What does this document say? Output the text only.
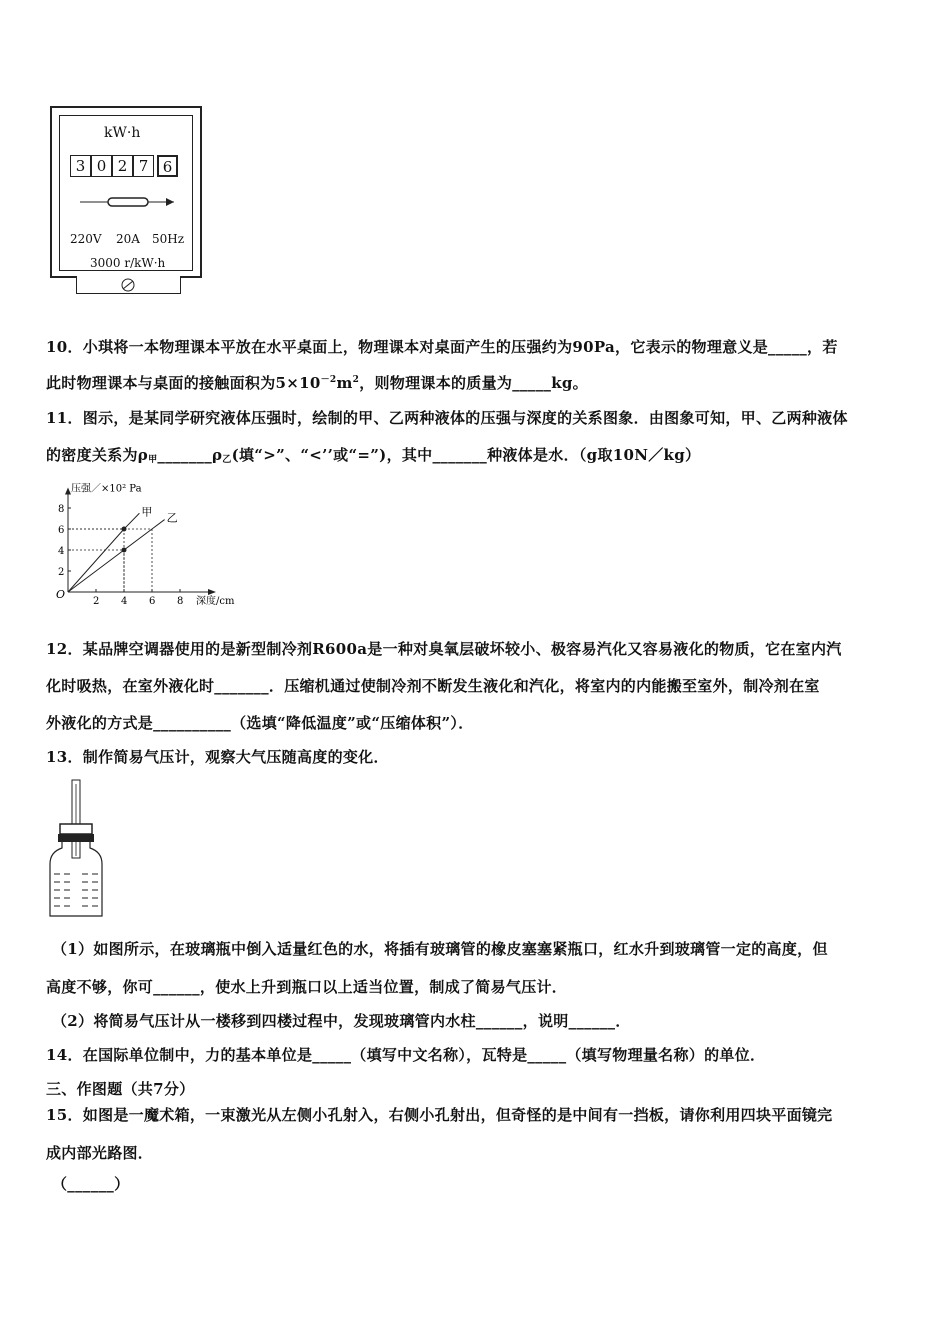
kW·h
3 0 2 7 6
220V 20A 50Hz
3000 r/kW·h
10．小琪将一本物理课本平放在水平桌面上，物理课本对桌面产生的压强约为90Pa，它表示的物理意义是_____，若
此时物理课本与桌面的接触面积为$5\times 10^{-2}m^2$，则物理课本的质量为_____kg。
11．图示，是某同学研究液体压强时，绘制的甲、乙两种液体的压强与深度的关系图象．由图象可知，甲、乙两种液体
的密度关系为$\rho_甲\_\_\_\_\_\_\_\rho_乙$(填“>”、“<’’或“=”)，其中_______种液体是水．（g取10N／kg）
压强／×10² Pa
深度/cm
O
2 4 6 8
2
4
6
8	甲 乙
12．某品牌空调器使用的是新型制冷剂R600a是一种对臭氧层破坏较小、极容易汽化又容易液化的物质，它在室内汽
化时吸热，在室外液化时_______．压缩机通过使制冷剂不断发生液化和汽化，将室内的内能搬至室外，制冷剂在室
外液化的方式是__________（选填“降低温度”或“压缩体积”）．
13．制作简易气压计，观察大气压随高度的变化．
（1）如图所示，在玻璃瓶中倒入适量红色的水，将插有玻璃管的橡皮塞塞紧瓶口，红水升到玻璃管一定的高度，但
高度不够，你可______，使水上升到瓶口以上适当位置，制成了简易气压计．
（2）将简易气压计从一楼移到四楼过程中，发现玻璃管内水柱______，说明______．
14．在国际单位制中，力的基本单位是_____（填写中文名称），瓦特是_____（填写物理量名称）的单位．
三、作图题（共7分）
15．如图是一魔术箱，一束激光从左侧小孔射入，右侧小孔射出，但奇怪的是中间有一挡板，请你利用四块平面镜完
成内部光路图．
（______）
